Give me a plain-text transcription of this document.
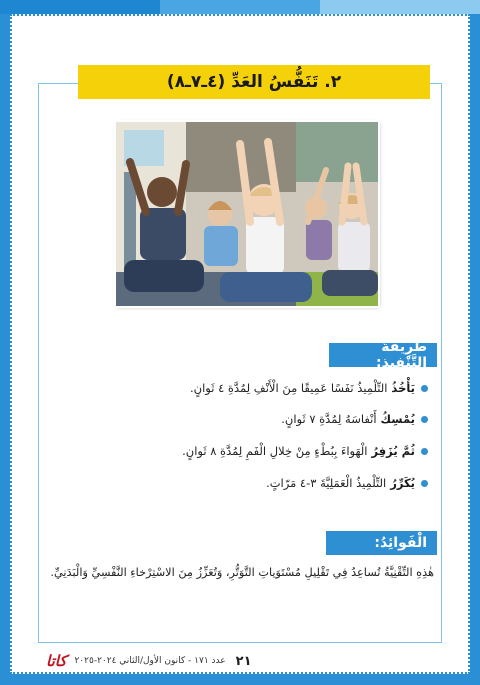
٢. تَنَفُّسُ العَدِّ (٤ـ٧ـ٨)
طَرِيقَةُ التَّنْفِيذِ:
يَأْخُذُ
التِّلْمِيذُ نَفَسًا عَمِيقًا مِنَ الْأَنْفِ لِمُدَّةِ ٤ ثَوانٍ.
يُمْسِكُ
أَنْفاسَهُ لِمُدَّةِ ٧ ثَوانٍ.
ثُمَّ يُزَفِرُ
الْهَواءَ بِبُطْءٍ مِنْ خِلالِ الْفَمِ لِمُدَّةِ ٨ ثَوانٍ.
يُكَرِّرُ
التِّلْمِيذُ الْعَمَلِيَّةَ ٣-٤ مَرّاتٍ.
الْفَوائِدُ:
هٰذِهِ التِّقْنِيَّةُ تُساعِدُ فِي تَقْلِيلِ مُسْتَوَياتِ التَّوَتُّرِ، وَتُعَزِّزُ مِنَ الاسْتِرْخاءِ النَّفْسِيِّ وَالْبَدَنِيِّ.
٢١
عدد ١٧١ - كانون الأول/الثاني ٢٠٢٤-٢٠٢٥
كاتا
